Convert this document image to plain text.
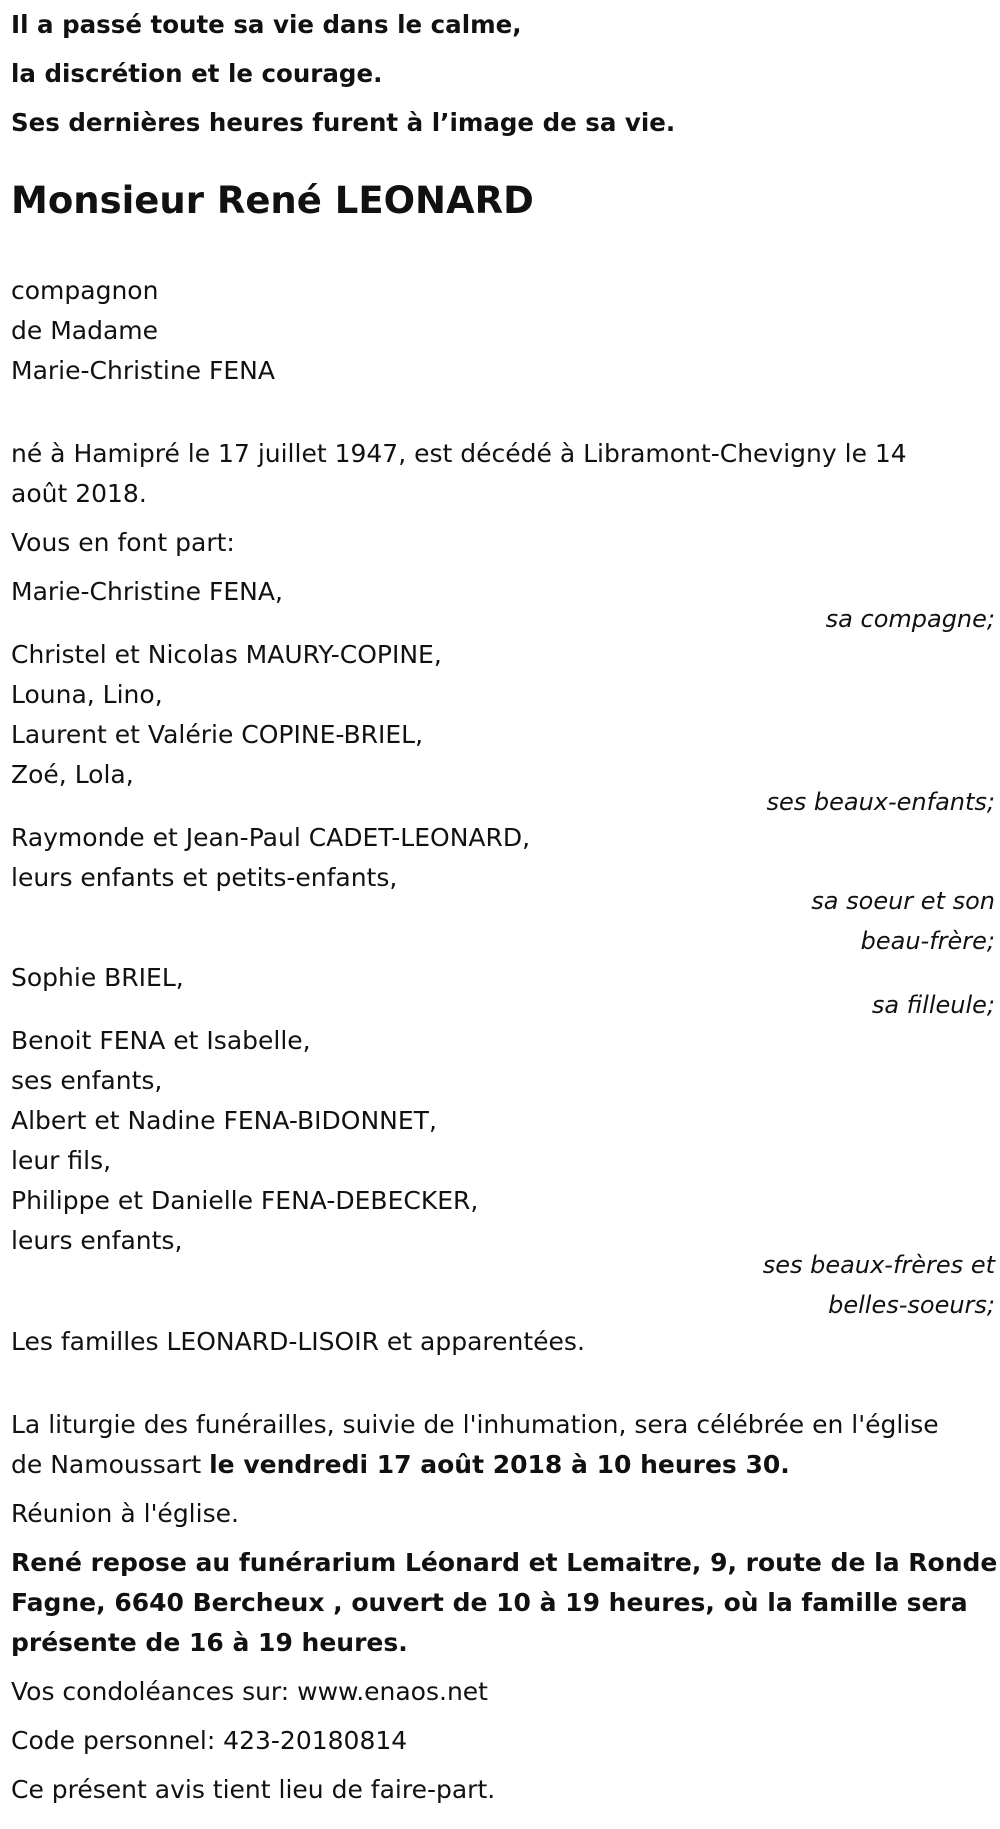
Il a passé toute sa vie dans le calme,

la discrétion et le courage.

Ses dernières heures furent à l’image de sa vie.

Monsieur René LEONARD

compagnon

de Madame

Marie-Christine FENA

né à Hamipré le 17 juillet 1947, est décédé à Libramont-Chevigny le 14

août 2018.

Vous en font part:

Marie-Christine FENA,

sa compagne;

Christel et Nicolas MAURY-COPINE,

Louna, Lino,

Laurent et Valérie COPINE-BRIEL,

Zoé, Lola,

ses beaux-enfants;

Raymonde et Jean-Paul CADET-LEONARD,

leurs enfants et petits-enfants,

sa soeur et son
beau-frère;

Sophie BRIEL,

sa filleule;

Benoit FENA et Isabelle,

ses enfants,

Albert et Nadine FENA-BIDONNET,

leur fils,

Philippe et Danielle FENA-DEBECKER,

leurs enfants,

ses beaux-frères et
belles-soeurs;

Les familles LEONARD-LISOIR et apparentées.

La liturgie des funérailles, suivie de l'inhumation, sera célébrée en l'église

de Namoussart le vendredi 17 août 2018 à 10 heures 30.

Réunion à l'église.

René repose au funérarium Léonard et Lemaitre, 9, route de la Ronde

Fagne, 6640 Bercheux , ouvert de 10 à 19 heures, où la famille sera

présente de 16 à 19 heures.

Vos condoléances sur: www.enaos.net

Code personnel: 423-20180814

Ce présent avis tient lieu de faire-part.
